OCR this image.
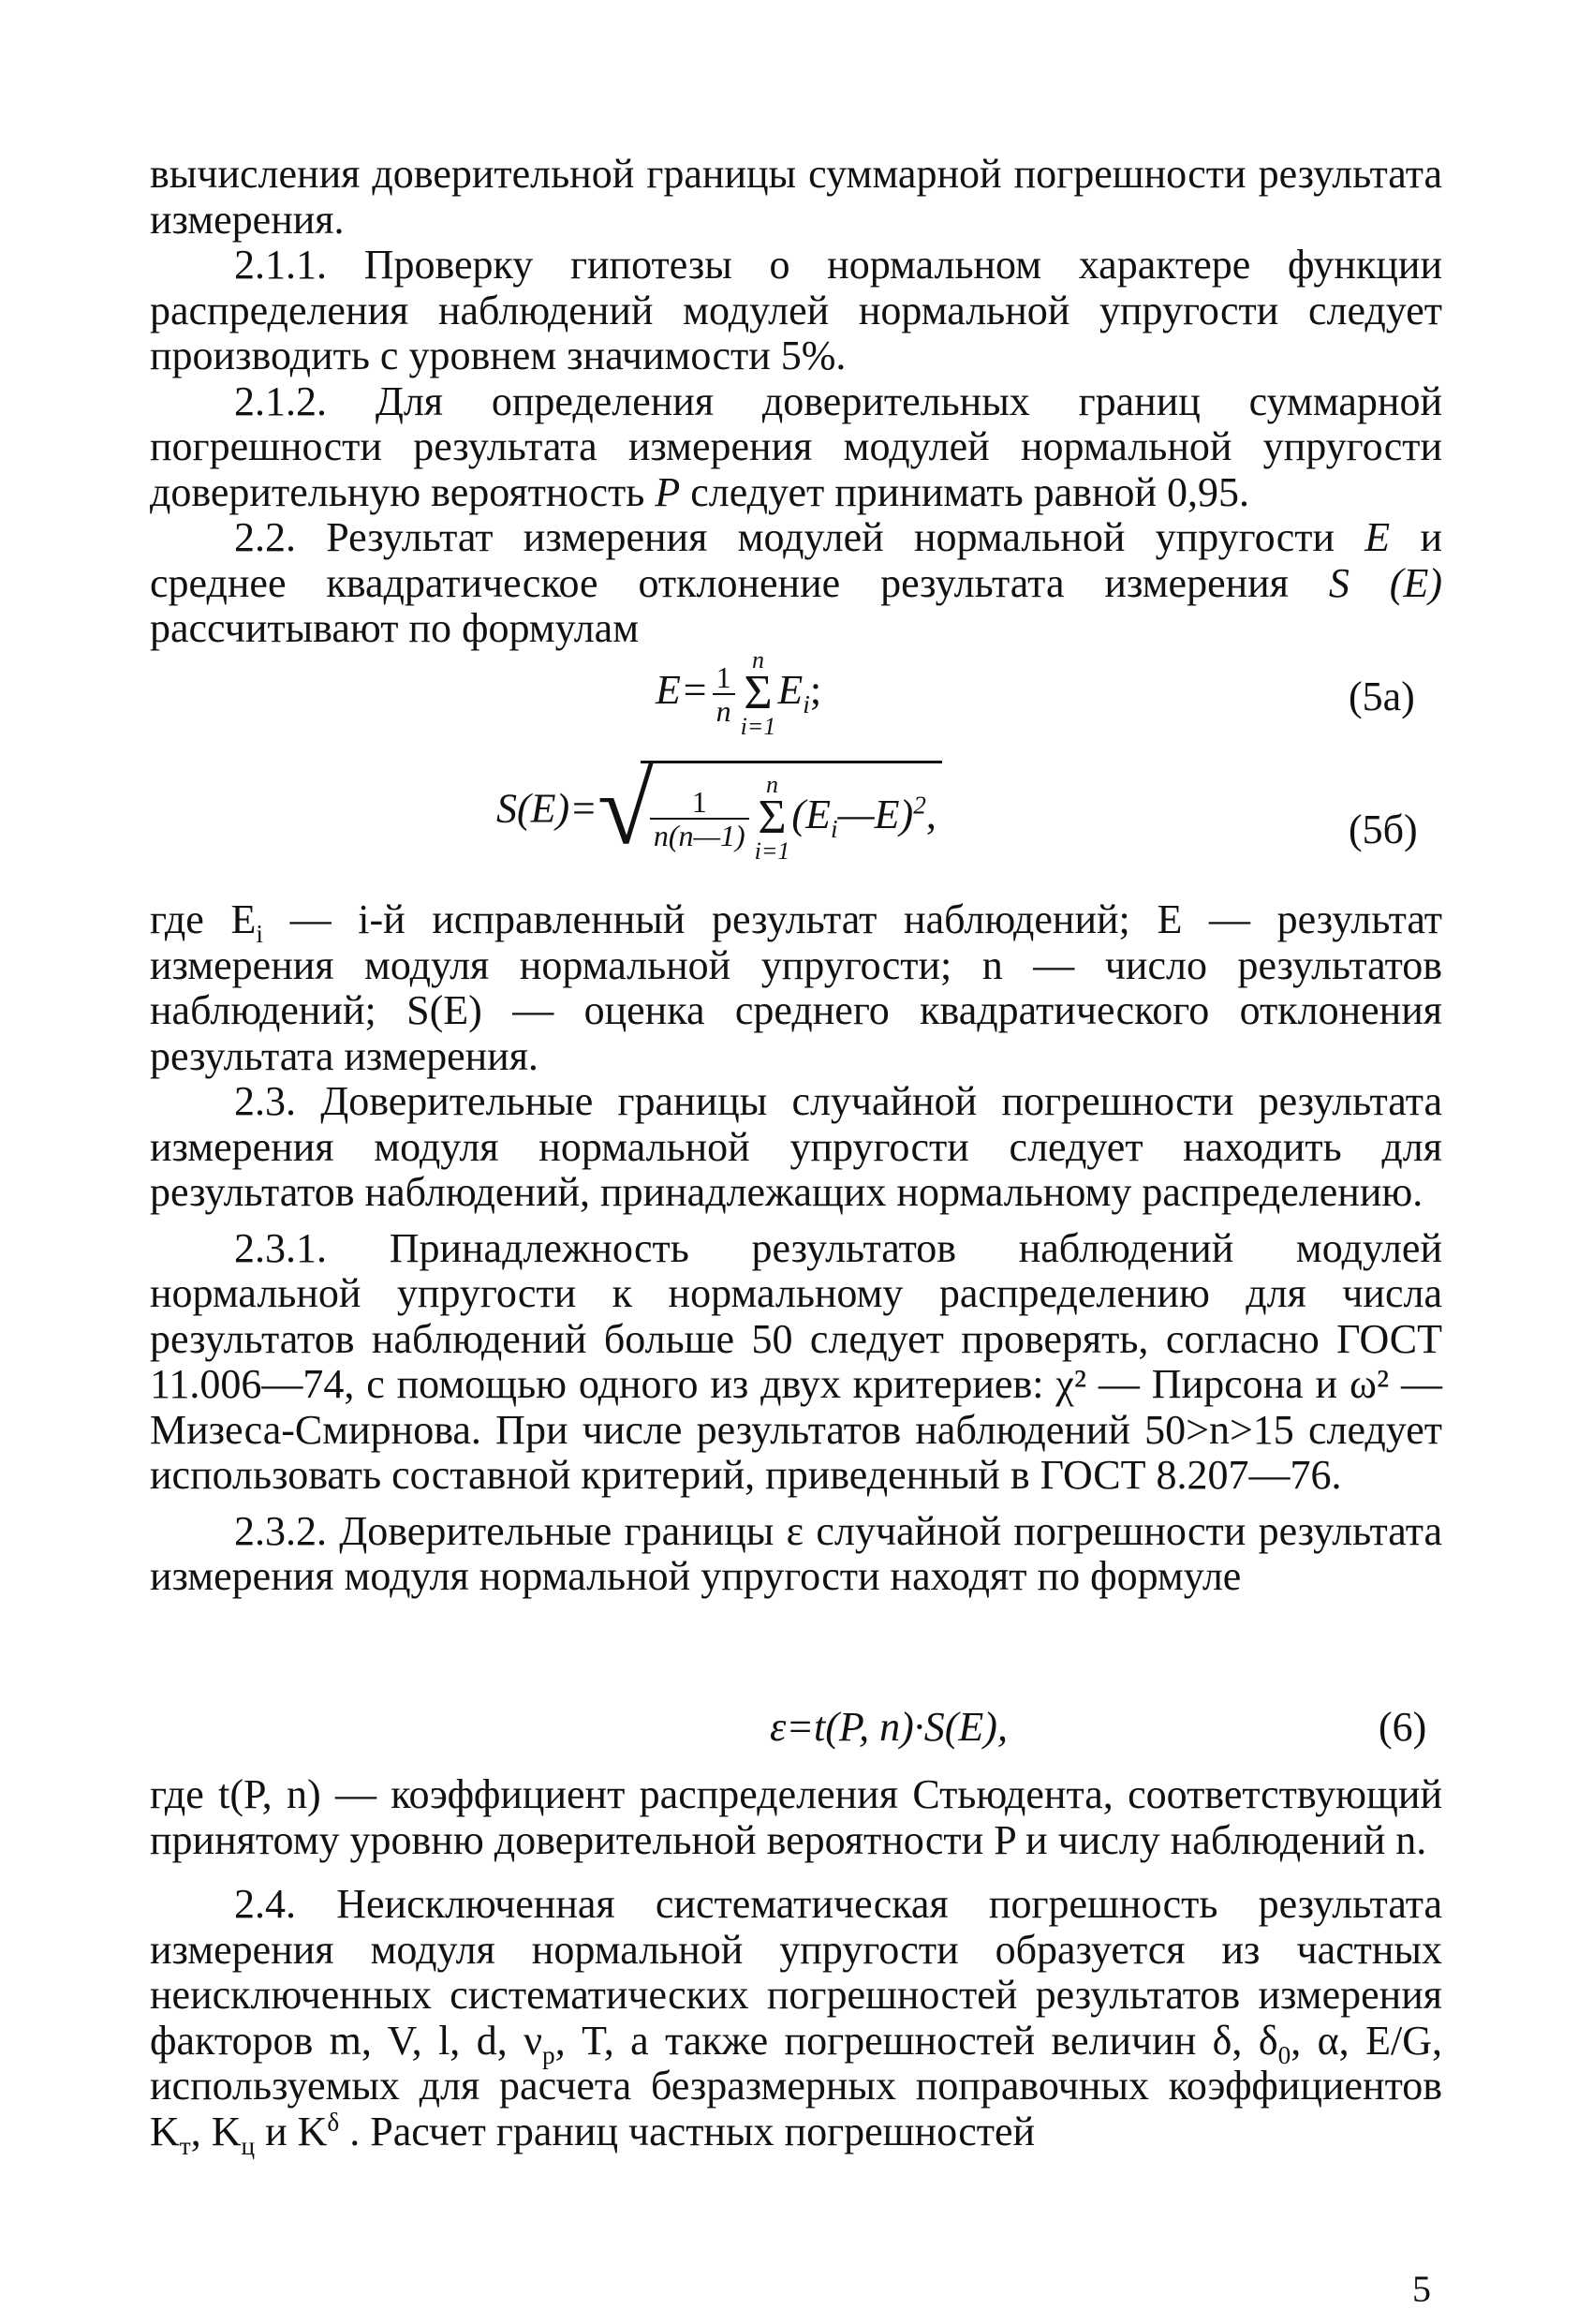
вычисления доверительной границы суммарной погрешности результата измерения.

2.1.1. Проверку гипотезы о нормальном характере функции распределения наблюдений модулей нормальной упругости следует производить с уровнем значимости 5%.

2.1.2. Для определения доверительных границ суммарной погрешности результата измерения модулей нормальной упругости доверительную вероятность P следует принимать равной 0,95.

2.2. Результат измерения модулей нормальной упругости E и среднее квадратическое отклонение результата измерения S (E) рассчитывают по формулам

$E= \frac{1}{n}$
n
Σ
i=1
$E_i$;	(5а)
S(E)= √
$\frac{1}{n(n—1)}$
n
Σ
i=1
$(E_i—E)^2$,	(5б)

где $E_i$ — i-й исправленный результат наблюдений; E — результат измерения модуля нормальной упругости; n — число результатов наблюдений; S(E) — оценка среднего квадратического отклонения результата измерения.

2.3. Доверительные границы случайной погрешности результата измерения модуля нормальной упругости следует находить для результатов наблюдений, принадлежащих нормальному распределению.

2.3.1. Принадлежность результатов наблюдений модулей нормальной упругости к нормальному распределению для числа результатов наблюдений больше 50 следует проверять, согласно ГОСТ 11.006—74, с помощью одного из двух критериев: χ² — Пирсона и ω² — Мизеса-Смирнова. При числе результатов наблюдений 50>n>15 следует использовать составной критерий, приведенный в ГОСТ 8.207—76.

2.3.2. Доверительные границы ε случайной погрешности результата измерения модуля нормальной упругости находят по формуле

ε=t(P, n)·S(E),	(6)

где t(P, n) — коэффициент распределения Стьюдента, соответствующий принятому уровню доверительной вероятности P и числу наблюдений n.

2.4. Неисключенная систематическая погрешность результата измерения модуля нормальной упругости образуется из частных неисключенных систематических погрешностей результатов измерения факторов m, V, l, d, $\nu_р$, T, а также погрешностей величин δ, $\delta_0$, α, E/G, используемых для расчета безразмерных поправочных коэффициентов $K_т$, $K_ц$ и $K^\delta$ . Расчет границ частных погрешностей

5
